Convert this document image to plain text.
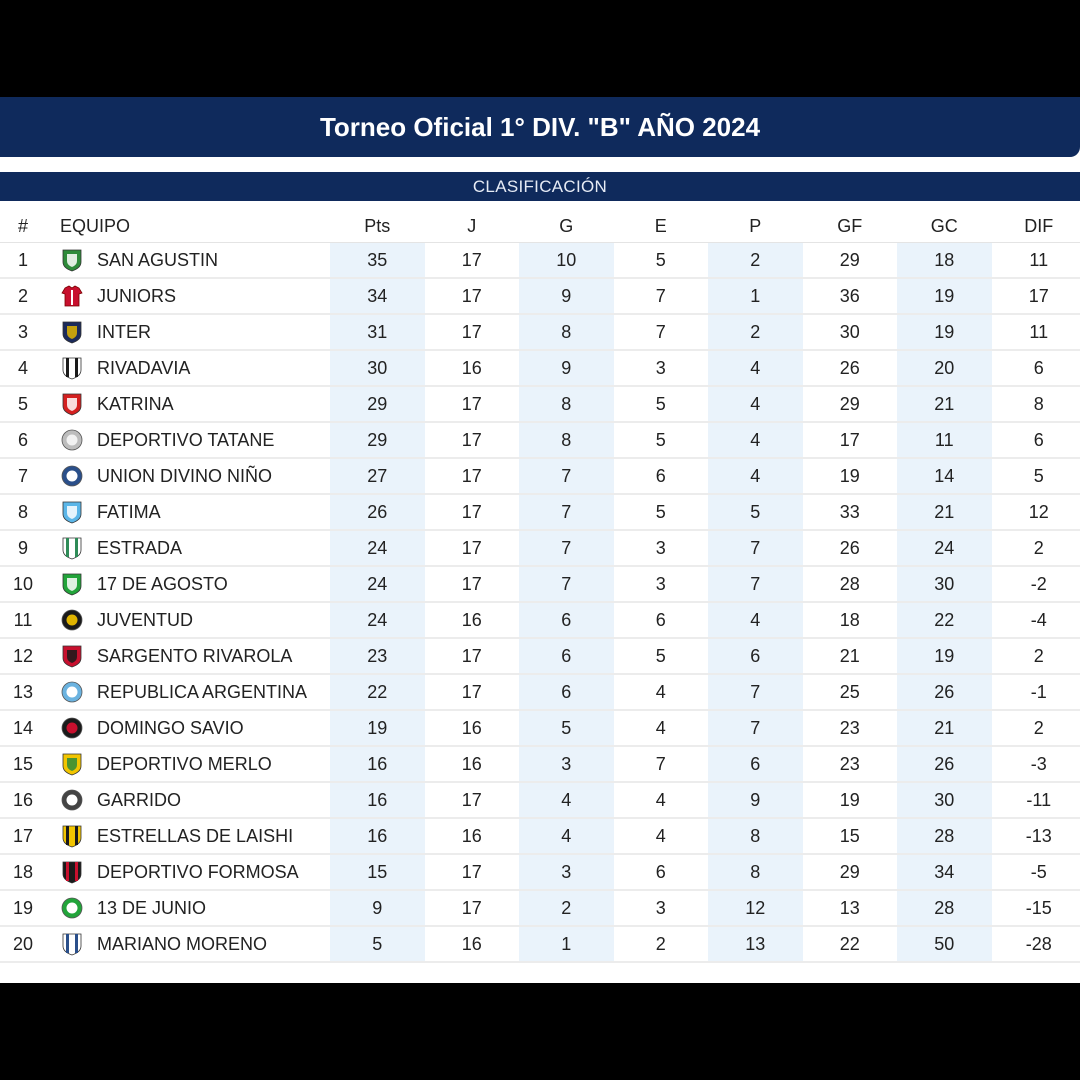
Torneo Oficial 1° DIV. "B" AÑO 2024
CLASIFICACIÓN
#	EQUIPO	Pts	J	G	E	P	GF	GC	DIF
1	SAN AGUSTIN	35	17	10	5	2	29	18	11
2	JUNIORS	34	17	9	7	1	36	19	17
3	INTER	31	17	8	7	2	30	19	11
4	RIVADAVIA	30	16	9	3	4	26	20	6
5	KATRINA	29	17	8	5	4	29	21	8
6	DEPORTIVO TATANE	29	17	8	5	4	17	11	6
7	UNION DIVINO NIÑO	27	17	7	6	4	19	14	5
8	FATIMA	26	17	7	5	5	33	21	12
9	ESTRADA	24	17	7	3	7	26	24	2
10	17 DE AGOSTO	24	17	7	3	7	28	30	-2
11	JUVENTUD	24	16	6	6	4	18	22	-4
12	SARGENTO RIVAROLA	23	17	6	5	6	21	19	2
13	REPUBLICA ARGENTINA	22	17	6	4	7	25	26	-1
14	DOMINGO SAVIO	19	16	5	4	7	23	21	2
15	DEPORTIVO MERLO	16	16	3	7	6	23	26	-3
16	GARRIDO	16	17	4	4	9	19	30	-11
17	ESTRELLAS DE LAISHI	16	16	4	4	8	15	28	-13
18	DEPORTIVO FORMOSA	15	17	3	6	8	29	34	-5
19	13 DE JUNIO	9	17	2	3	12	13	28	-15
20	MARIANO MORENO	5	16	1	2	13	22	50	-28
